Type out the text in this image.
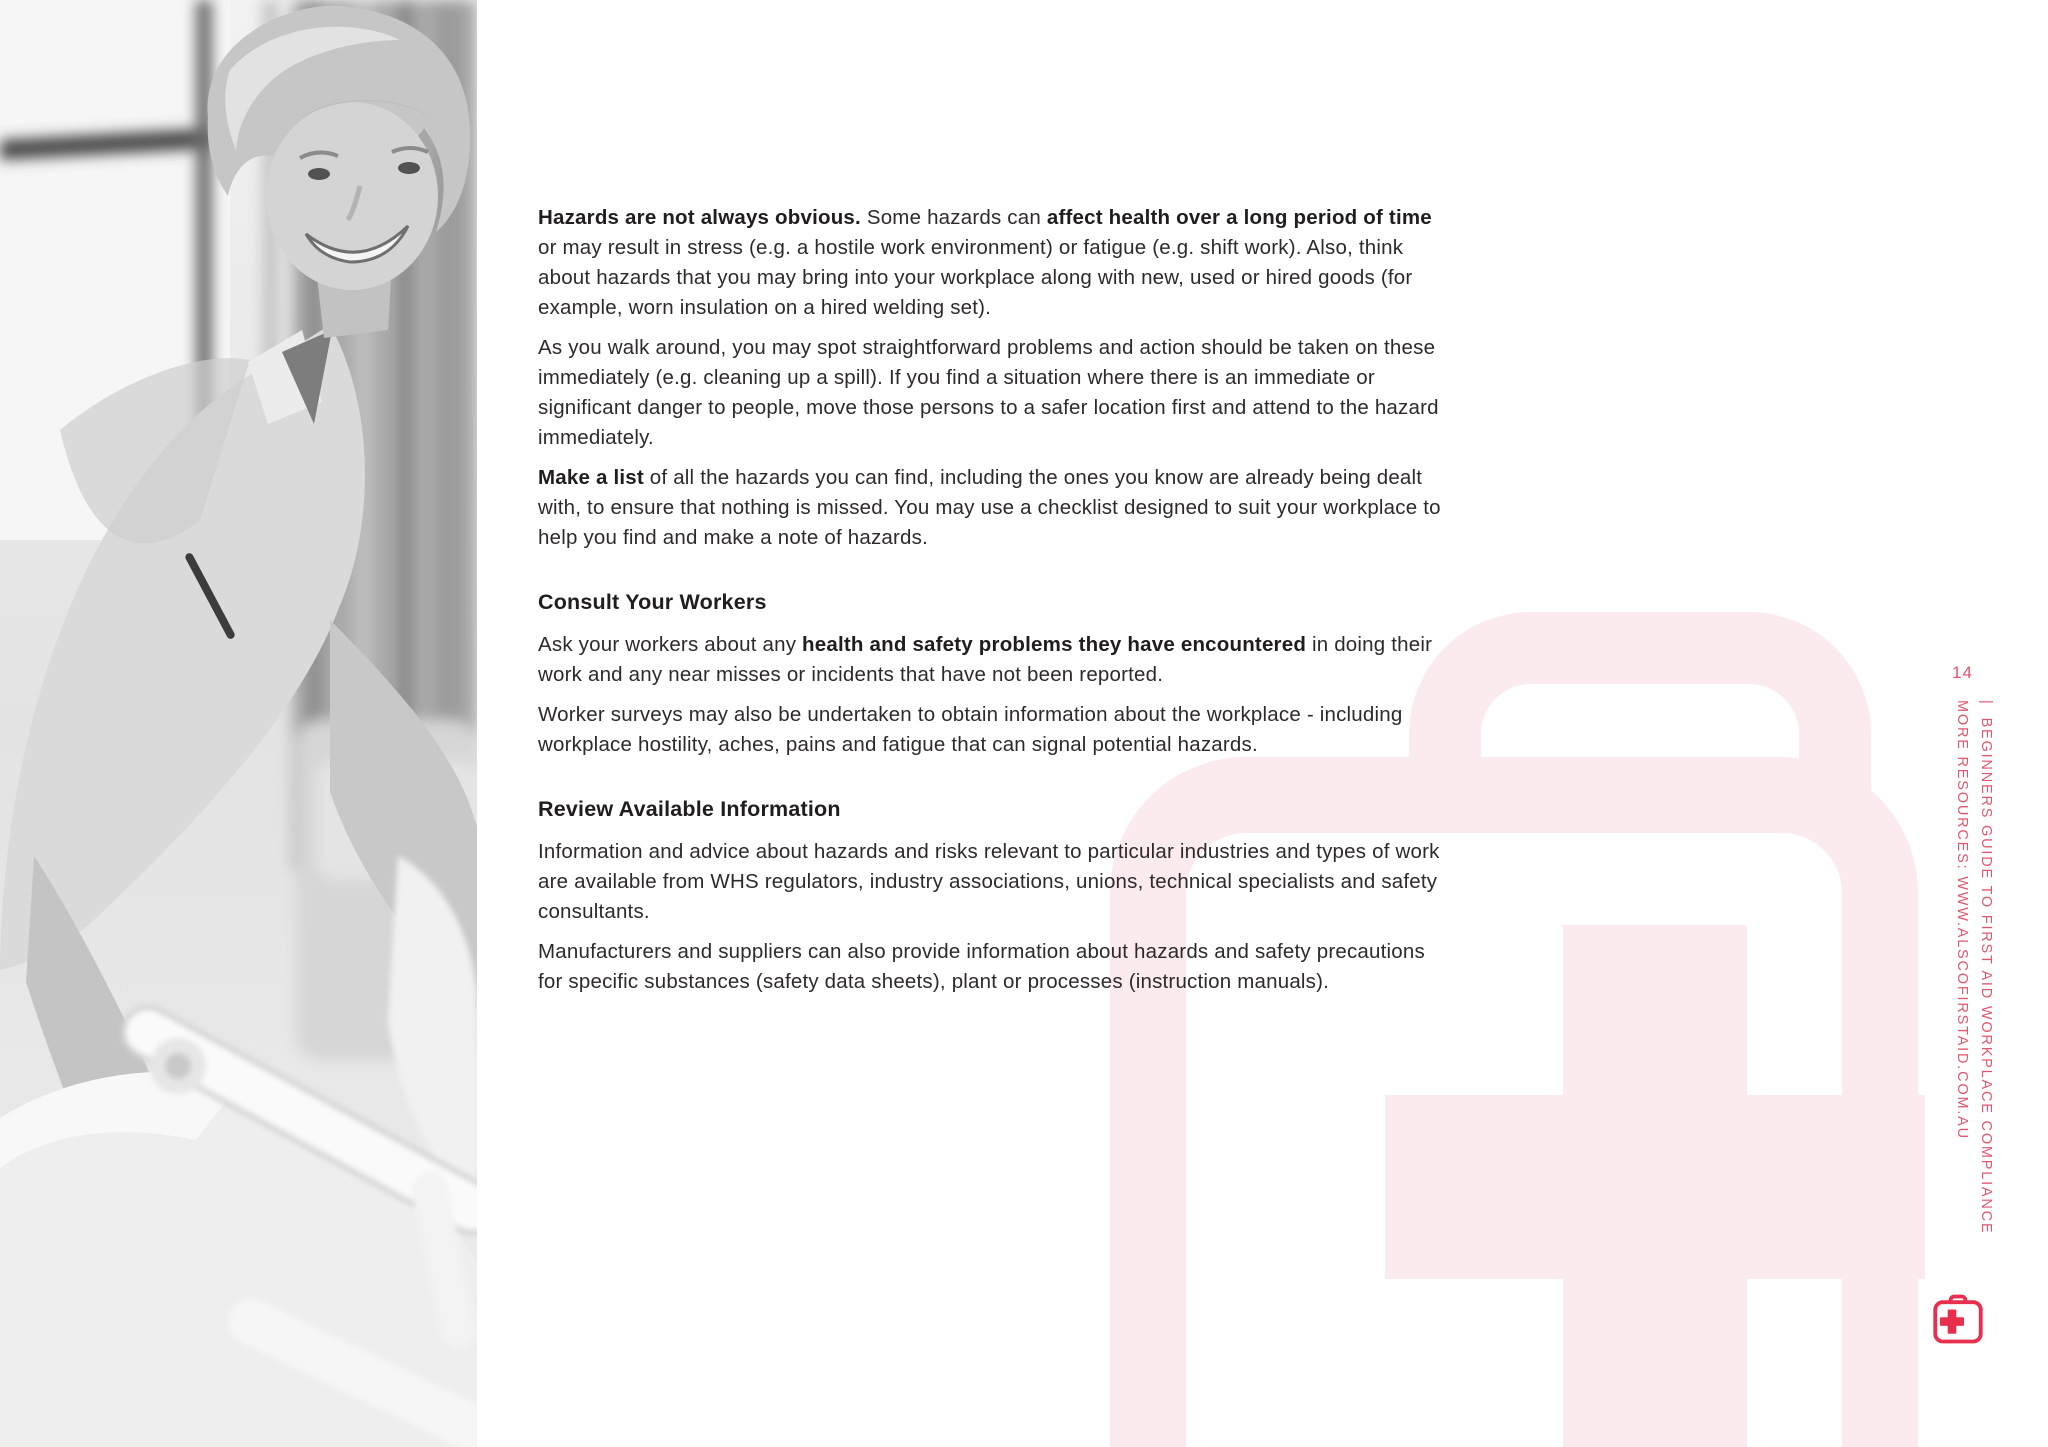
Hazards are not always obvious. Some hazards can affect health over a long period of time or may result in stress (e.g. a hostile work environment) or fatigue (e.g. shift work). Also, think about hazards that you may bring into your workplace along with new, used or hired goods (for example, worn insulation on a hired welding set).

As you walk around, you may spot straightforward problems and action should be taken on these immediately (e.g. cleaning up a spill). If you find a situation where there is an immediate or significant danger to people, move those persons to a safer location first and attend to the hazard immediately.

Make a list of all the hazards you can find, including the ones you know are already being dealt with, to ensure that nothing is missed. You may use a checklist designed to suit your workplace to help you find and make a note of hazards.

Consult Your Workers

Ask your workers about any health and safety problems they have encountered in doing their work and any near misses or incidents that have not been reported.

Worker surveys may also be undertaken to obtain information about the workplace - including workplace hostility, aches, pains and fatigue that can signal potential hazards.

Review Available Information

Information and advice about hazards and risks relevant to particular industries and types of work are available from WHS regulators, industry associations, unions, technical specialists and safety consultants.

Manufacturers and suppliers can also provide information about hazards and safety precautions for specific substances (safety data sheets), plant or processes (instruction manuals).

14
|BEGINNERS GUIDE TO FIRST AID WORKPLACE COMPLIANCE
MORE RESOURCES: WWW.ALSCOFIRSTAID.COM.AU
